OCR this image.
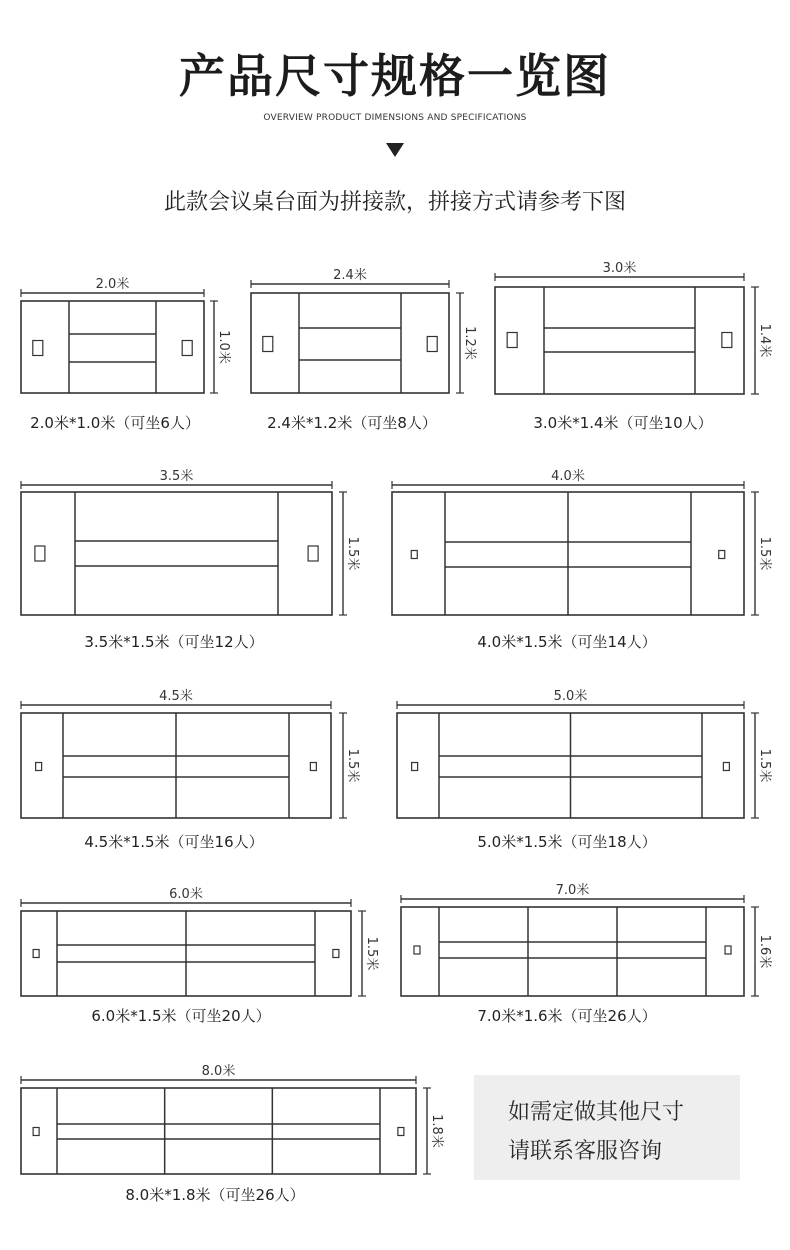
产品尺寸规格一览图
OVERVIEW PRODUCT DIMENSIONS AND SPECIFICATIONS
此款会议桌台面为拼接款，拼接方式请参考下图
2.0米
1.0米
2.4米
1.2米
3.0米
1.4米
3.5米
1.5米
4.0米
1.5米
4.5米
1.5米
5.0米
1.5米
6.0米
1.5米
7.0米
1.6米
8.0米
1.8米
2.0米*1.0米（可坐6人）	2.4米*1.2米（可坐8人）	3.0米*1.4米（可坐10人）
3.5米*1.5米（可坐12人）	4.0米*1.5米（可坐14人）
4.5米*1.5米（可坐16人）	5.0米*1.5米（可坐18人）
6.0米*1.5米（可坐20人）	7.0米*1.6米（可坐26人）
8.0米*1.8米（可坐26人）
如需定做其他尺寸
请联系客服咨询
